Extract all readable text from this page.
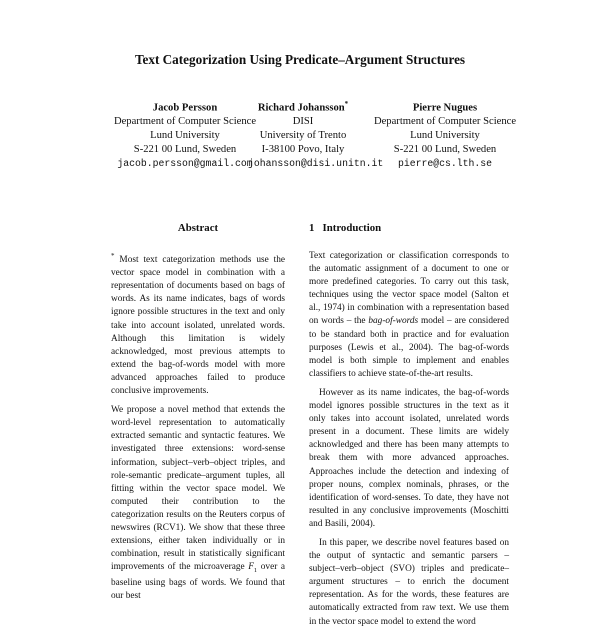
Text Categorization Using Predicate–Argument Structures
Jacob Persson
Department of Computer Science
Lund University
S-221 00 Lund, Sweden
jacob.persson@gmail.com
Richard Johansson*
DISI
University of Trento
I-38100 Povo, Italy
johansson@disi.unitn.it
Pierre Nugues
Department of Computer Science
Lund University
S-221 00 Lund, Sweden
pierre@cs.lth.se
Abstract

* Most text categorization methods use the vector space model in combination with a representation of documents based on bags of words. As its name indicates, bags of words ignore possible structures in the text and only take into account isolated, unrelated words. Although this limitation is widely acknowledged, most previous attempts to extend the bag-of-words model with more advanced approaches failed to produce conclusive improvements.

We propose a novel method that extends the word-level representation to automatically extracted semantic and syntactic features. We investigated three extensions: word-sense information, subject–verb–object triples, and role-semantic predicate–argument tuples, all fitting within the vector space model. We computed their contribution to the categorization results on the Reuters corpus of newswires (RCV1). We show that these three extensions, either taken individually or in combination, result in statistically significant improvements of the microaverage $F_1$ over a baseline using bags of words. We found that our best

1 Introduction

Text categorization or classification corresponds to the automatic assignment of a document to one or more predefined categories. To carry out this task, techniques using the vector space model (Salton et al., 1974) in combination with a representation based on words – the bag-of-words model – are considered to be standard both in practice and for evaluation purposes (Lewis et al., 2004). The bag-of-words model is both simple to implement and enables classifiers to achieve state-of-the-art results.

However as its name indicates, the bag-of-words model ignores possible structures in the text as it only takes into account isolated, unrelated words present in a document. These limits are widely acknowledged and there has been many attempts to break them with more advanced approaches. Approaches include the detection and indexing of proper nouns, complex nominals, phrases, or the identification of word-senses. To date, they have not resulted in any conclusive improvements (Moschitti and Basili, 2004).

In this paper, we describe novel features based on the output of syntactic and semantic parsers – subject–verb–object (SVO) triples and predicate–argument structures – to enrich the document representation. As for the words, these features are automatically extracted from raw text. We use them in the vector space model to extend the word
